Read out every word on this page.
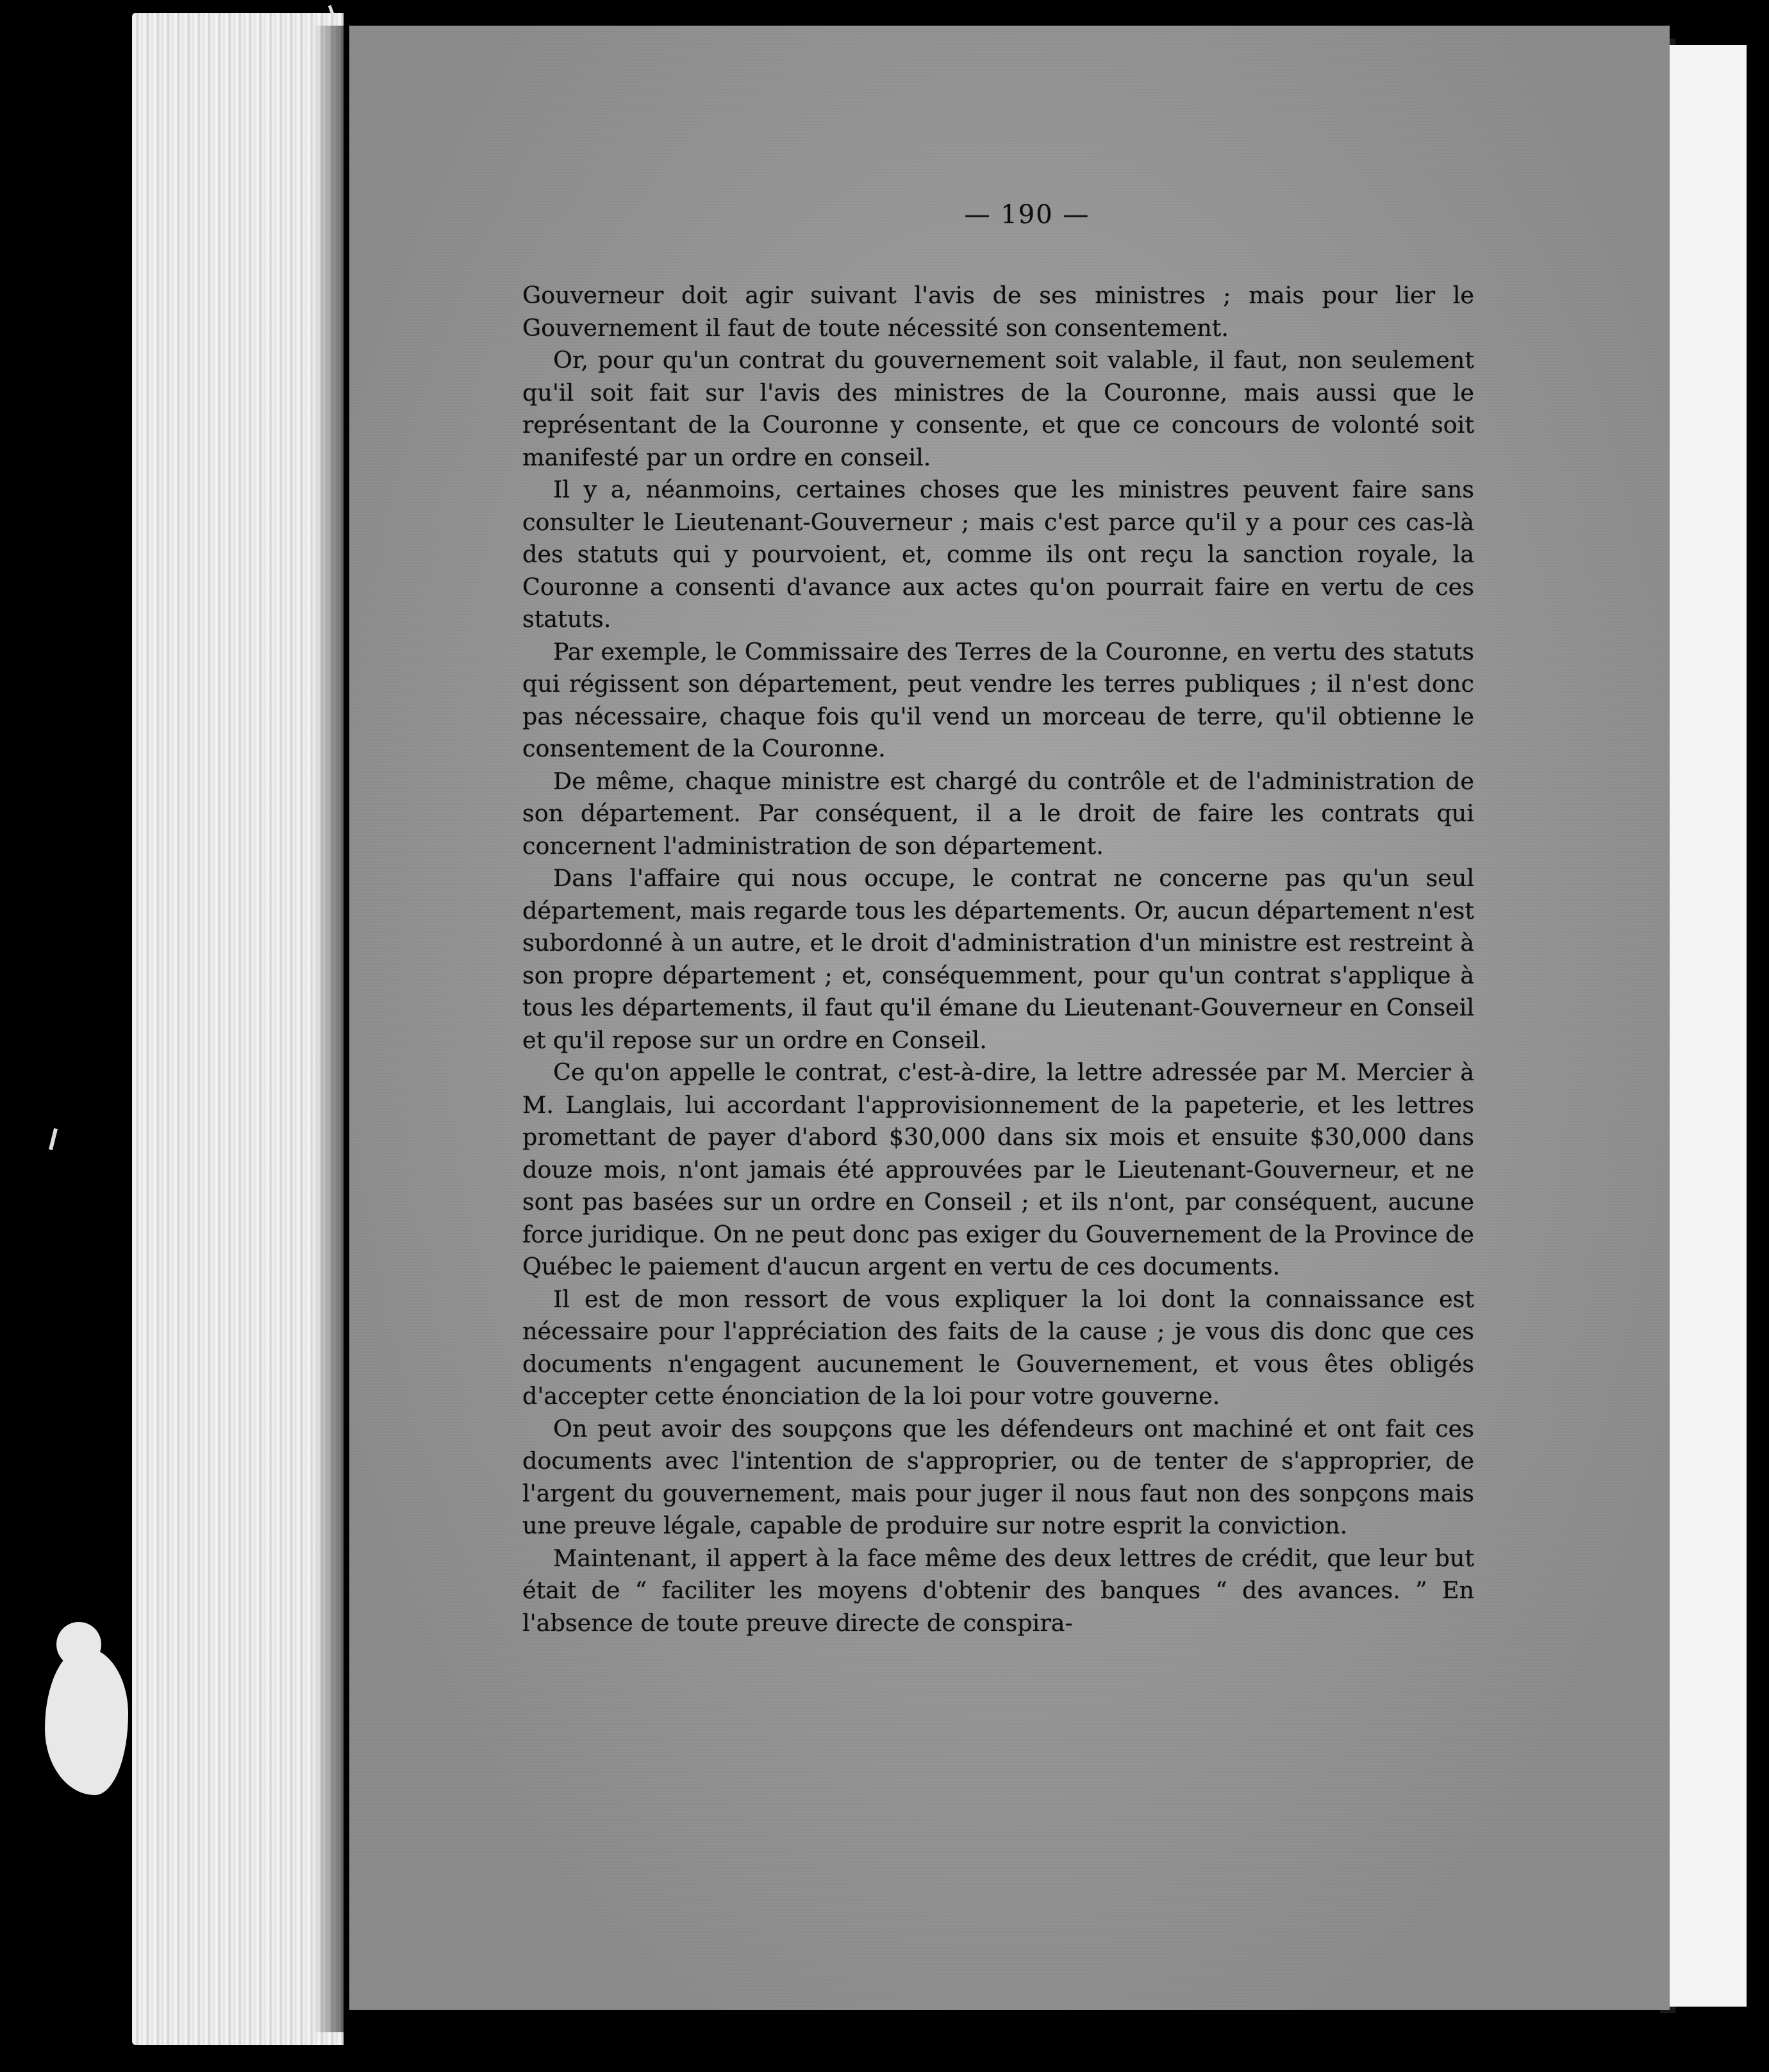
— 190 —

Gouverneur doit agir suivant l'avis de ses ministres ; mais pour lier le Gouvernement il faut de toute nécessité son consentement.

Or, pour qu'un contrat du gouvernement soit valable, il faut, non seulement qu'il soit fait sur l'avis des ministres de la Couronne, mais aussi que le représentant de la Couronne y consente, et que ce concours de volonté soit manifesté par un ordre en conseil.

Il y a, néanmoins, certaines choses que les ministres peuvent faire sans consulter le Lieutenant-Gouverneur ; mais c'est parce qu'il y a pour ces cas-là des statuts qui y pourvoient, et, comme ils ont reçu la sanction royale, la Couronne a consenti d'avance aux actes qu'on pourrait faire en vertu de ces statuts.

Par exemple, le Commissaire des Terres de la Couronne, en vertu des statuts qui régissent son département, peut vendre les terres publiques ; il n'est donc pas nécessaire, chaque fois qu'il vend un morceau de terre, qu'il obtienne le consentement de la Couronne.

De même, chaque ministre est chargé du contrôle et de l'administration de son département. Par conséquent, il a le droit de faire les contrats qui concernent l'administration de son département.

Dans l'affaire qui nous occupe, le contrat ne concerne pas qu'un seul département, mais regarde tous les départements. Or, aucun département n'est subordonné à un autre, et le droit d'administration d'un ministre est restreint à son propre département ; et, conséquemment, pour qu'un contrat s'applique à tous les départements, il faut qu'il émane du Lieutenant-Gouverneur en Conseil et qu'il repose sur un ordre en Conseil.

Ce qu'on appelle le contrat, c'est-à-dire, la lettre adressée par M. Mercier à M. Langlais, lui accordant l'approvisionnement de la papeterie, et les lettres promettant de payer d'abord $30,000 dans six mois et ensuite $30,000 dans douze mois, n'ont jamais été approuvées par le Lieutenant-Gouverneur, et ne sont pas basées sur un ordre en Conseil ; et ils n'ont, par conséquent, aucune force juridique. On ne peut donc pas exiger du Gouvernement de la Province de Québec le paiement d'aucun argent en vertu de ces documents.

Il est de mon ressort de vous expliquer la loi dont la connaissance est nécessaire pour l'appréciation des faits de la cause ; je vous dis donc que ces documents n'engagent aucunement le Gouvernement, et vous êtes obligés d'accepter cette énonciation de la loi pour votre gouverne.

On peut avoir des soupçons que les défendeurs ont machiné et ont fait ces documents avec l'intention de s'approprier, ou de tenter de s'approprier, de l'argent du gouvernement, mais pour juger il nous faut non des sonpçons mais une preuve légale, capable de produire sur notre esprit la conviction.

Maintenant, il appert à la face même des deux lettres de crédit, que leur but était de “ faciliter les moyens d'obtenir des banques “ des avances. ” En l'absence de toute preuve directe de conspira-
